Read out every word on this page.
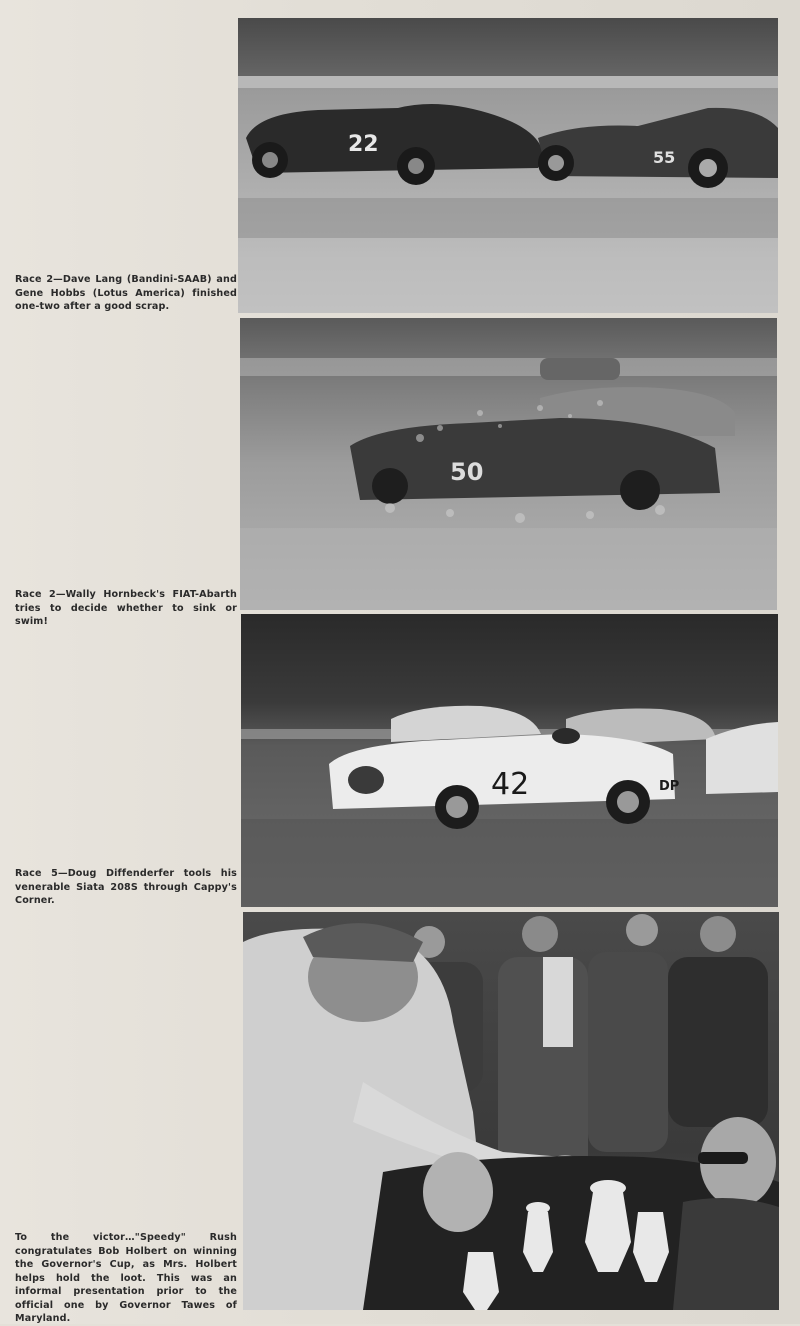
22
55
Race 2—Dave Lang (Bandini-SAAB) and Gene Hobbs (Lotus America) finished one-two after a good scrap.
50
Race 2—Wally Hornbeck's FIAT-Abarth tries to decide whether to sink or swim!
42	DP
Race 5—Doug Diffenderfer tools his venerable Siata 208S through Cappy's Corner.
To the victor…"Speedy" Rush congratulates Bob Holbert on winning the Governor's Cup, as Mrs. Holbert helps hold the loot. This was an informal presentation prior to the official one by Governor Tawes of Maryland.
